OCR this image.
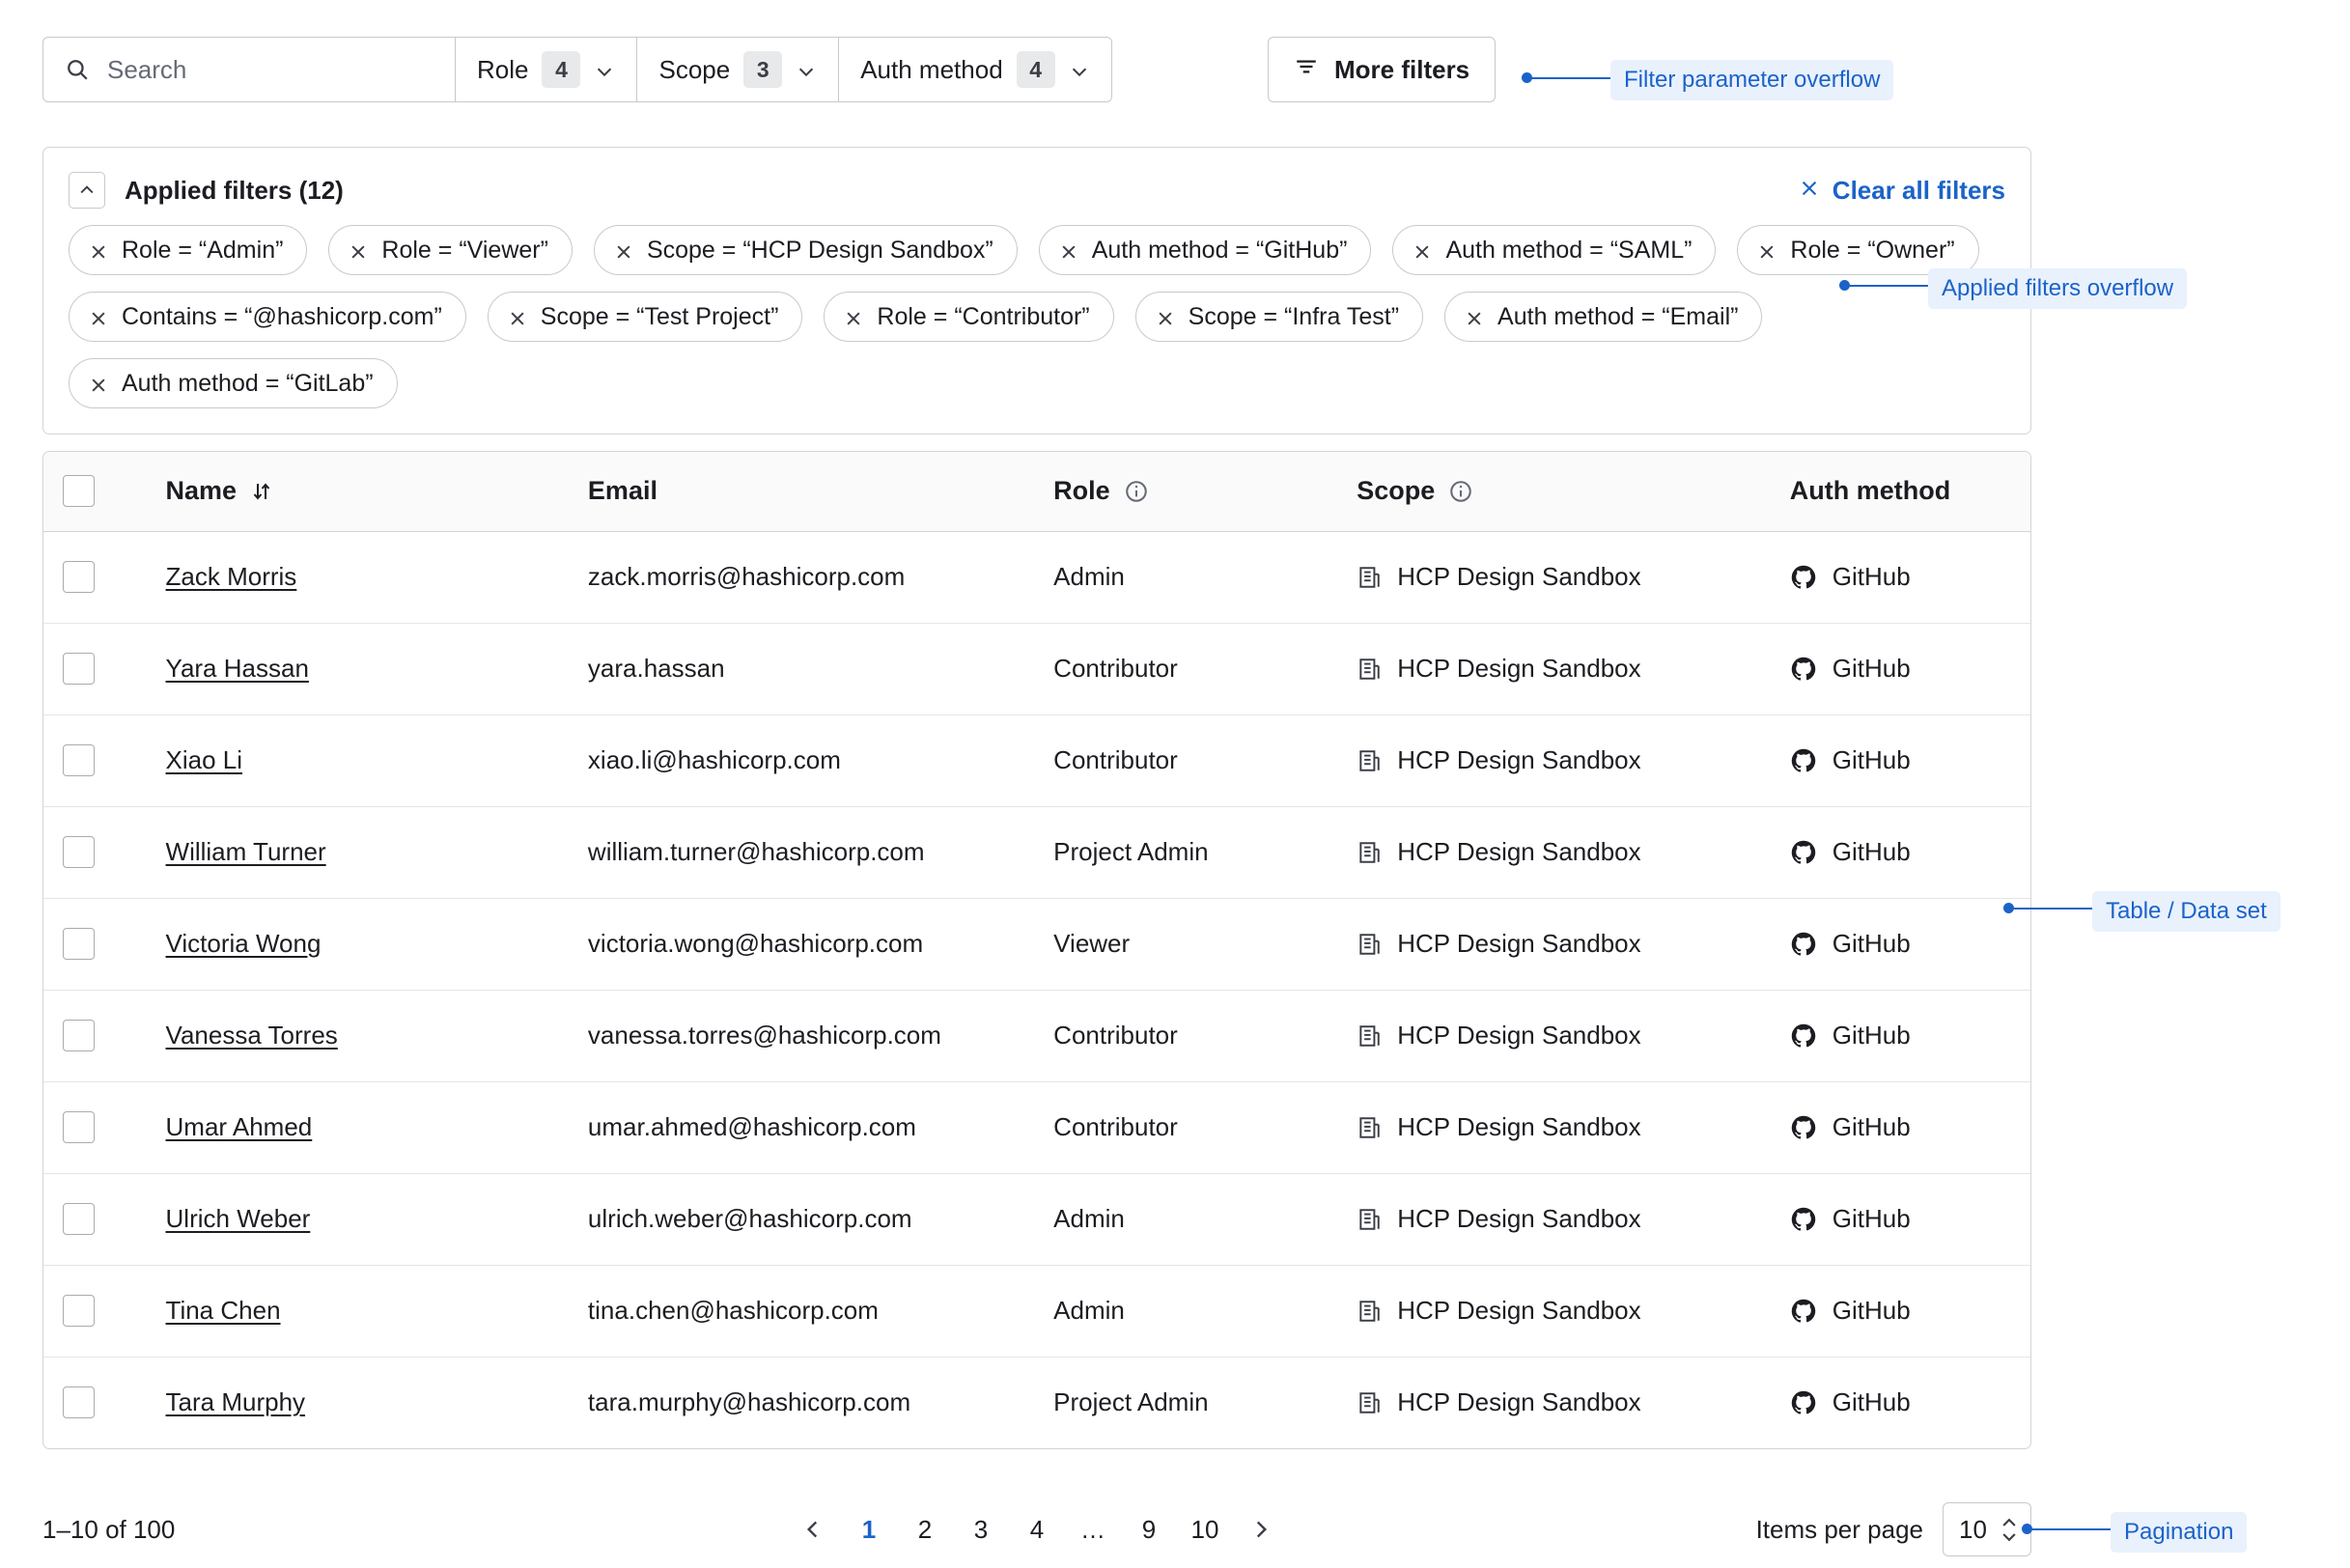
Search
Role	4	Scope	3	Auth method	4	More filters	Filter parameter overflow
Applied filters (12)	Clear all filters
Role = “Admin”	Role = “Viewer”	Scope = “HCP Design Sandbox”	Auth method = “GitHub”	Auth method = “SAML”	Role = “Owner”
Contains = “@hashicorp.com”	Scope = “Test Project”	Role = “Contributor”	Scope = “Infra Test”	Auth method = “Email”
Auth method = “GitLab”
Applied filters overflow

	Name	Email	Role	Scope	Auth method

	Zack Morris	zack.morris@hashicorp.com	Admin	HCP Design Sandbox	GitHub

	Yara Hassan	yara.hassan	Contributor	HCP Design Sandbox	GitHub

	Xiao Li	xiao.li@hashicorp.com	Contributor	HCP Design Sandbox	GitHub

	William Turner	william.turner@hashicorp.com	Project Admin	HCP Design Sandbox	GitHub

	Victoria Wong	victoria.wong@hashicorp.com	Viewer	HCP Design Sandbox	GitHub

	Vanessa Torres	vanessa.torres@hashicorp.com	Contributor	HCP Design Sandbox	GitHub

	Umar Ahmed	umar.ahmed@hashicorp.com	Contributor	HCP Design Sandbox	GitHub

	Ulrich Weber	ulrich.weber@hashicorp.com	Admin	HCP Design Sandbox	GitHub

	Tina Chen	tina.chen@hashicorp.com	Admin	HCP Design Sandbox	GitHub

	Tara Murphy	tara.murphy@hashicorp.com	Project Admin	HCP Design Sandbox	GitHub
Table / Data set
1–10 of 100	1	2	3	4	…	9	10	Items per page 10	Pagination
